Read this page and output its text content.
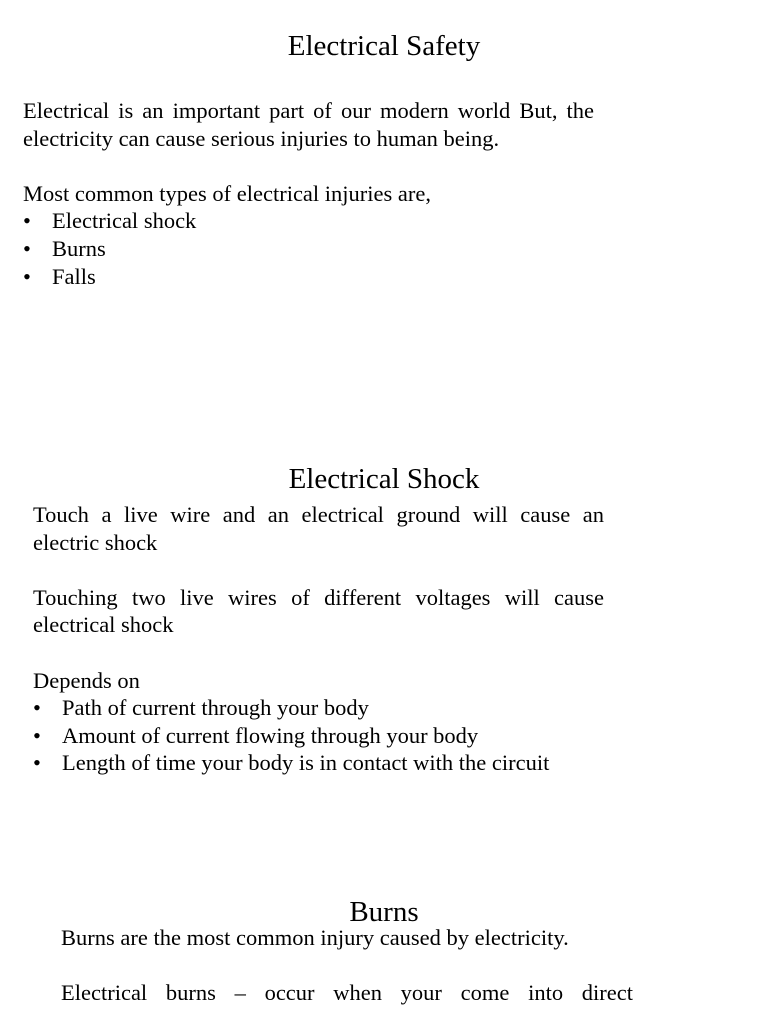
Electrical Safety

Electrical is an important part of our modern world But, the electricity can cause serious injuries to human being.

Most common types of electrical injuries are,

• Electrical shock
• Burns
• Falls
Electrical Shock

Touch a live wire and an electrical ground will cause an electric shock

Touching two live wires of different voltages will cause electrical shock

Depends on

• Path of current through your body
• Amount of current flowing through your body
• Length of time your body is in contact with the circuit
Burns

Burns are the most common injury caused by electricity.

Electrical burns – occur when your come into direct
